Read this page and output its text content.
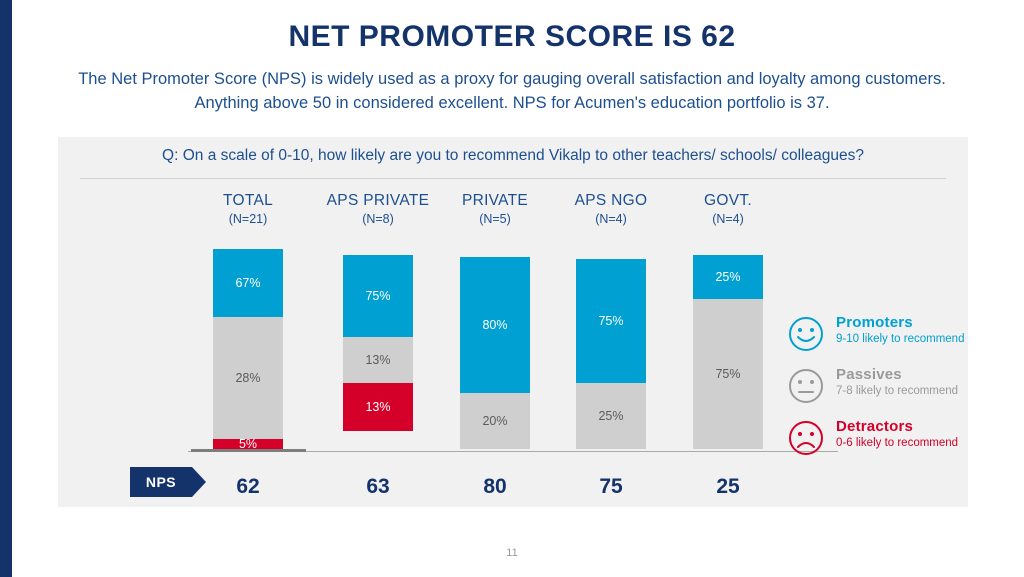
NET PROMOTER SCORE IS 62
The Net Promoter Score (NPS) is widely used as a proxy for gauging overall satisfaction and loyalty among customers. Anything above 50 in considered excellent. NPS for Acumen's education portfolio is 37.
Q: On a scale of 0-10, how likely are you to recommend Vikalp to other teachers/ schools/ colleagues?
NPS
TOTAL
(N=21)
67%
28%
5%
62
APS PRIVATE
(N=8)
75%
13%
13%
63
PRIVATE
(N=5)
80%
20%
80
APS NGO
(N=4)
75%
25%
75
GOVT.
(N=4)
25%
75%
25
Promoters
9-10 likely to recommend
Passives
7-8 likely to recommend
Detractors
0-6 likely to recommend
11
